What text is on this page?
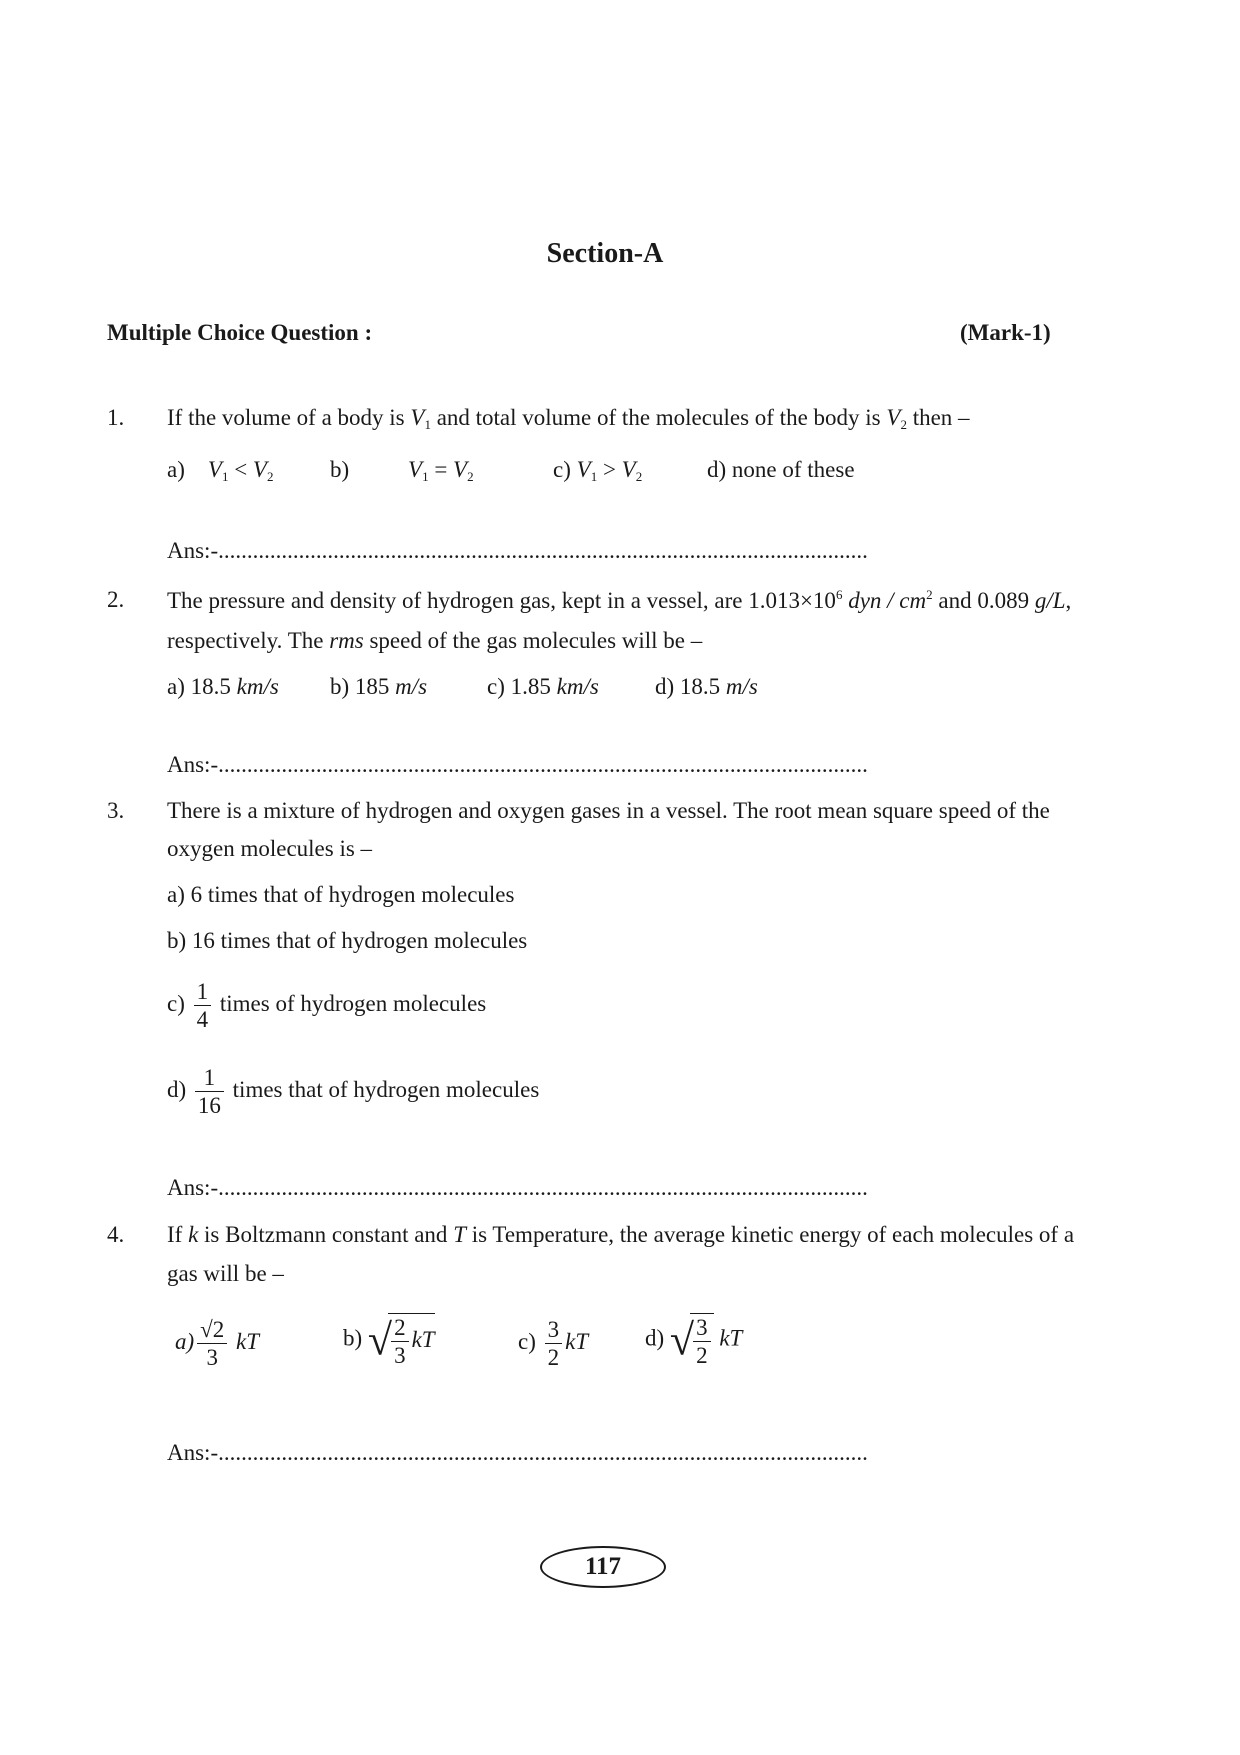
Section-A
Multiple Choice Question :	(Mark-1)
1. If the volume of a body is $V_1$ and total volume of the molecules of the body is $V_2$ then –
a) $V_1 < V_2$ b)	$V_1 = V_2$	c) $V_1 > V_2$	d) none of these
Ans:-.................................................................................................................
2. The pressure and density of hydrogen gas, kept in a vessel, are $1.013\times 10^6$ dyn / $cm^2$ and 0.089 g/L,
respectively. The rms speed of the gas molecules will be –
a) 18.5 km/s b) 185 m/s	c) 1.85 km/s d) 18.5 m/s
Ans:-.................................................................................................................
3. There is a mixture of hydrogen and oxygen gases in a vessel. The root mean square speed of the
oxygen molecules is –
a) 6 times that of hydrogen molecules
b) 16 times that of hydrogen molecules
$c) \frac{1}{4}$ times of hydrogen molecules
$d) \frac{1}{16}$ times that of hydrogen molecules
Ans:-.................................................................................................................
4. If k is Boltzmann constant and T is Temperature, the average kinetic energy of each molecules of a
gas will be –
$a) \frac{√2}{3}$ kT	b) √ $\frac{2}{3}$ kT	$c) \frac{3}{2}$ kT d) √ $\frac{3}{2}$ kT
Ans:-.................................................................................................................
117
